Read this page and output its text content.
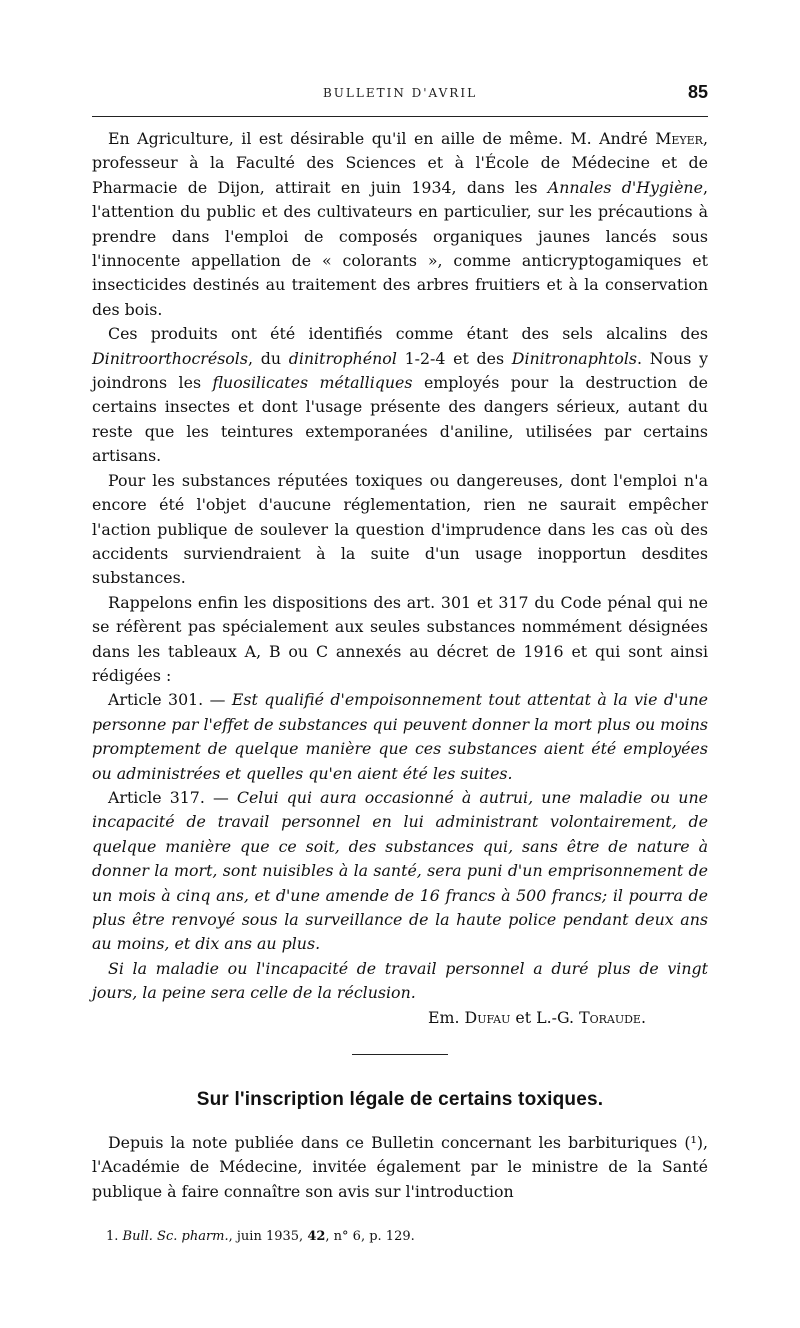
BULLETIN D'AVRIL	85

En Agriculture, il est désirable qu'il en aille de même. M. André Meyer, professeur à la Faculté des Sciences et à l'École de Médecine et de Pharmacie de Dijon, attirait en juin 1934, dans les Annales d'Hygiène, l'attention du public et des cultivateurs en particulier, sur les précautions à prendre dans l'emploi de composés organiques jaunes lancés sous l'innocente appellation de « colorants », comme anticryptogamiques et insecticides destinés au traitement des arbres fruitiers et à la conservation des bois.

Ces produits ont été identifiés comme étant des sels alcalins des Dinitroorthocrésols, du dinitrophénol 1-2-4 et des Dinitronaphtols. Nous y joindrons les fluosilicates métalliques employés pour la destruction de certains insectes et dont l'usage présente des dangers sérieux, autant du reste que les teintures extemporanées d'aniline, utilisées par certains artisans.

Pour les substances réputées toxiques ou dangereuses, dont l'emploi n'a encore été l'objet d'aucune réglementation, rien ne saurait empêcher l'action publique de soulever la question d'imprudence dans les cas où des accidents surviendraient à la suite d'un usage inopportun desdites substances.

Rappelons enfin les dispositions des art. 301 et 317 du Code pénal qui ne se réfèrent pas spécialement aux seules substances nommément désignées dans les tableaux A, B ou C annexés au décret de 1916 et qui sont ainsi rédigées :

Article 301. — Est qualifié d'empoisonnement tout attentat à la vie d'une personne par l'effet de substances qui peuvent donner la mort plus ou moins promptement de quelque manière que ces substances aient été employées ou administrées et quelles qu'en aient été les suites.

Article 317. — Celui qui aura occasionné à autrui, une maladie ou une incapacité de travail personnel en lui administrant volontairement, de quelque manière que ce soit, des substances qui, sans être de nature à donner la mort, sont nuisibles à la santé, sera puni d'un emprisonnement de un mois à cinq ans, et d'une amende de 16 francs à 500 francs; il pourra de plus être renvoyé sous la surveillance de la haute police pendant deux ans au moins, et dix ans au plus.

Si la maladie ou l'incapacité de travail personnel a duré plus de vingt jours, la peine sera celle de la réclusion.

Em. Dufau et L.-G. Toraude.

Sur l'inscription légale de certains toxiques.

Depuis la note publiée dans ce Bulletin concernant les barbituriques (¹), l'Académie de Médecine, invitée également par le ministre de la Santé publique à faire connaître son avis sur l'introduction

1. Bull. Sc. pharm., juin 1935, 42, n° 6, p. 129.
